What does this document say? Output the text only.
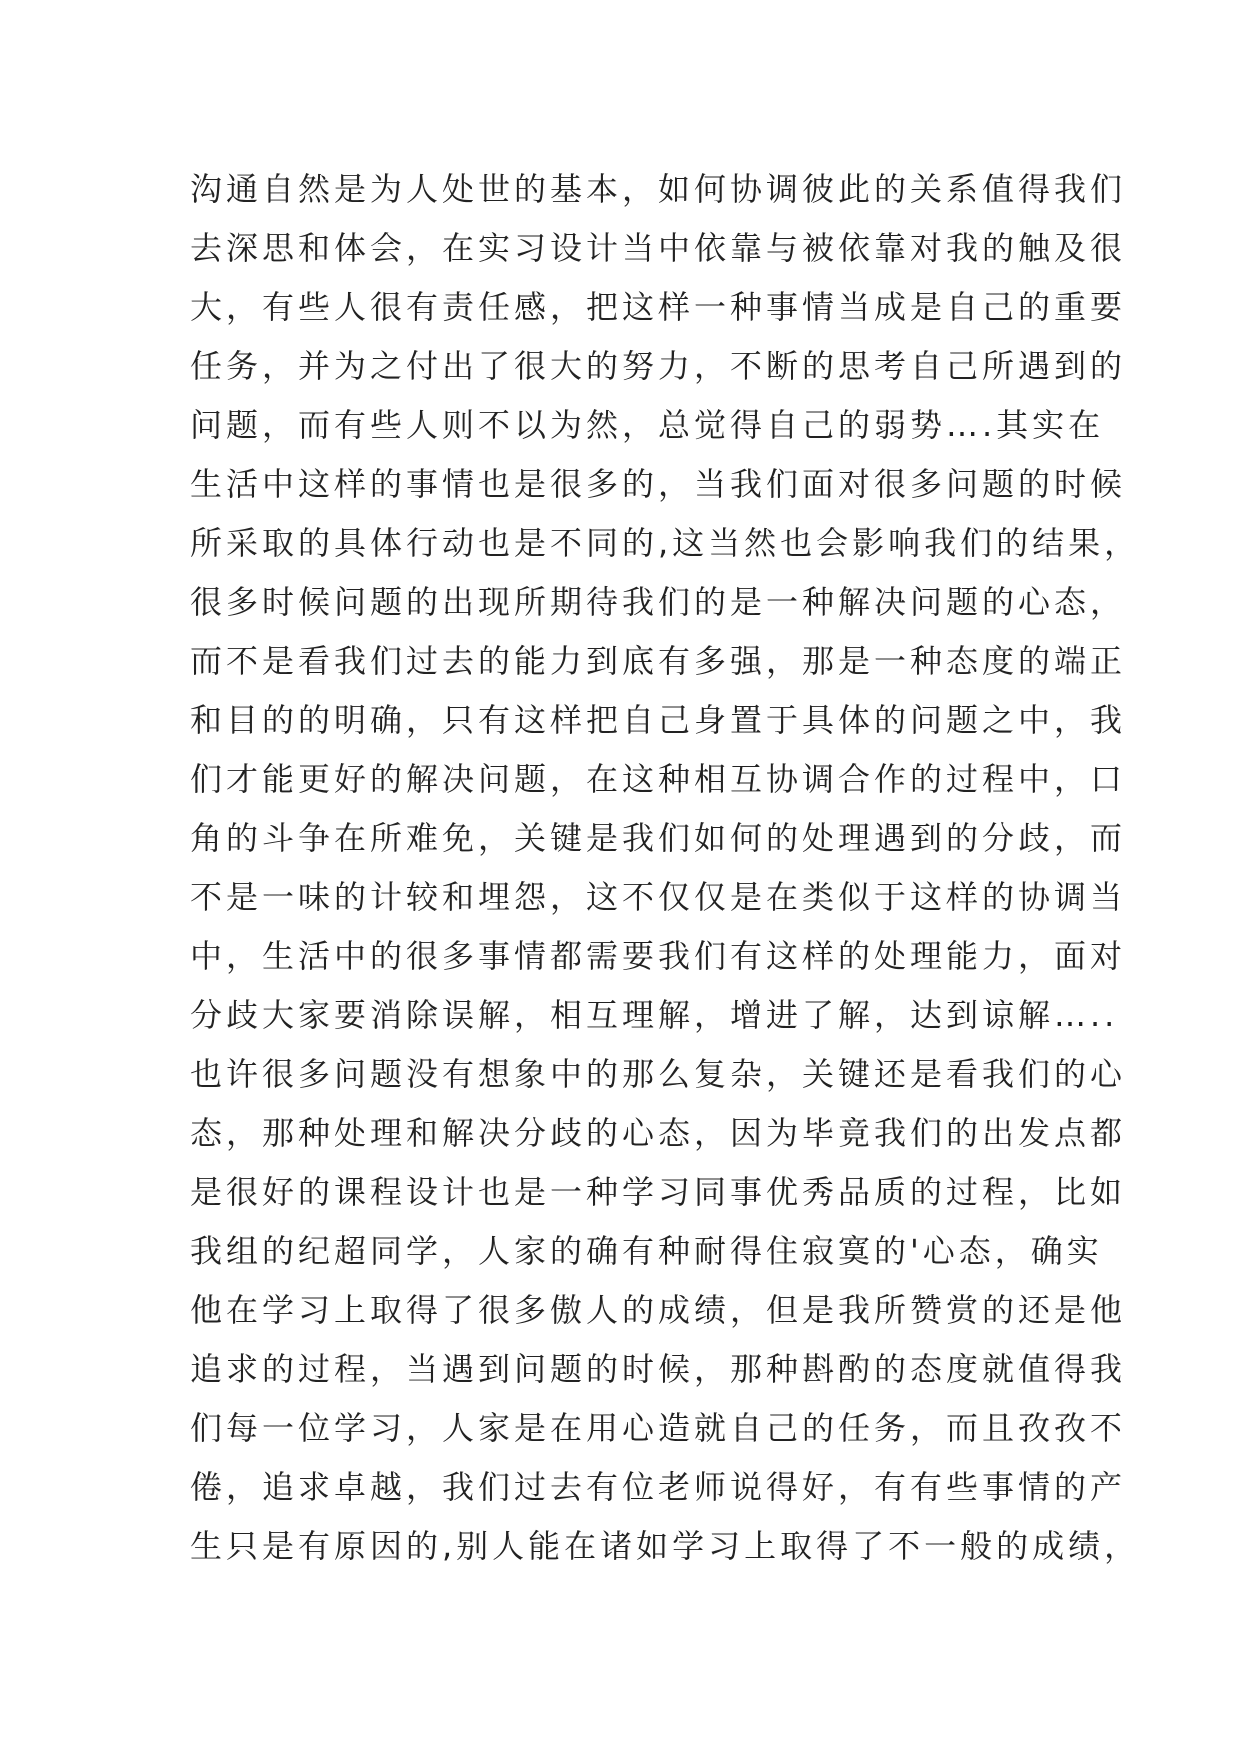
沟通自然是为人处世的基本，如何协调彼此的关系值得我们
去深思和体会，在实习设计当中依靠与被依靠对我的触及很
大，有些人很有责任感，把这样一种事情当成是自己的重要
任务，并为之付出了很大的努力，不断的思考自己所遇到的
问题，而有些人则不以为然，总觉得自己的弱势….其实在
生活中这样的事情也是很多的，当我们面对很多问题的时候
所采取的具体行动也是不同的,这当然也会影响我们的结果，
很多时候问题的出现所期待我们的是一种解决问题的心态，
而不是看我们过去的能力到底有多强，那是一种态度的端正
和目的的明确，只有这样把自己身置于具体的问题之中，我
们才能更好的解决问题，在这种相互协调合作的过程中，口
角的斗争在所难免，关键是我们如何的处理遇到的分歧，而
不是一味的计较和埋怨，这不仅仅是在类似于这样的协调当
中，生活中的很多事情都需要我们有这样的处理能力，面对
分歧大家要消除误解，相互理解，增进了解，达到谅解…..
也许很多问题没有想象中的那么复杂，关键还是看我们的心
态，那种处理和解决分歧的心态，因为毕竟我们的出发点都
是很好的课程设计也是一种学习同事优秀品质的过程，比如
我组的纪超同学，人家的确有种耐得住寂寞的'心态，确实
他在学习上取得了很多傲人的成绩，但是我所赞赏的还是他
追求的过程，当遇到问题的时候，那种斟酌的态度就值得我
们每一位学习，人家是在用心造就自己的任务，而且孜孜不
倦，追求卓越，我们过去有位老师说得好，有有些事情的产
生只是有原因的,别人能在诸如学习上取得了不一般的成绩，
